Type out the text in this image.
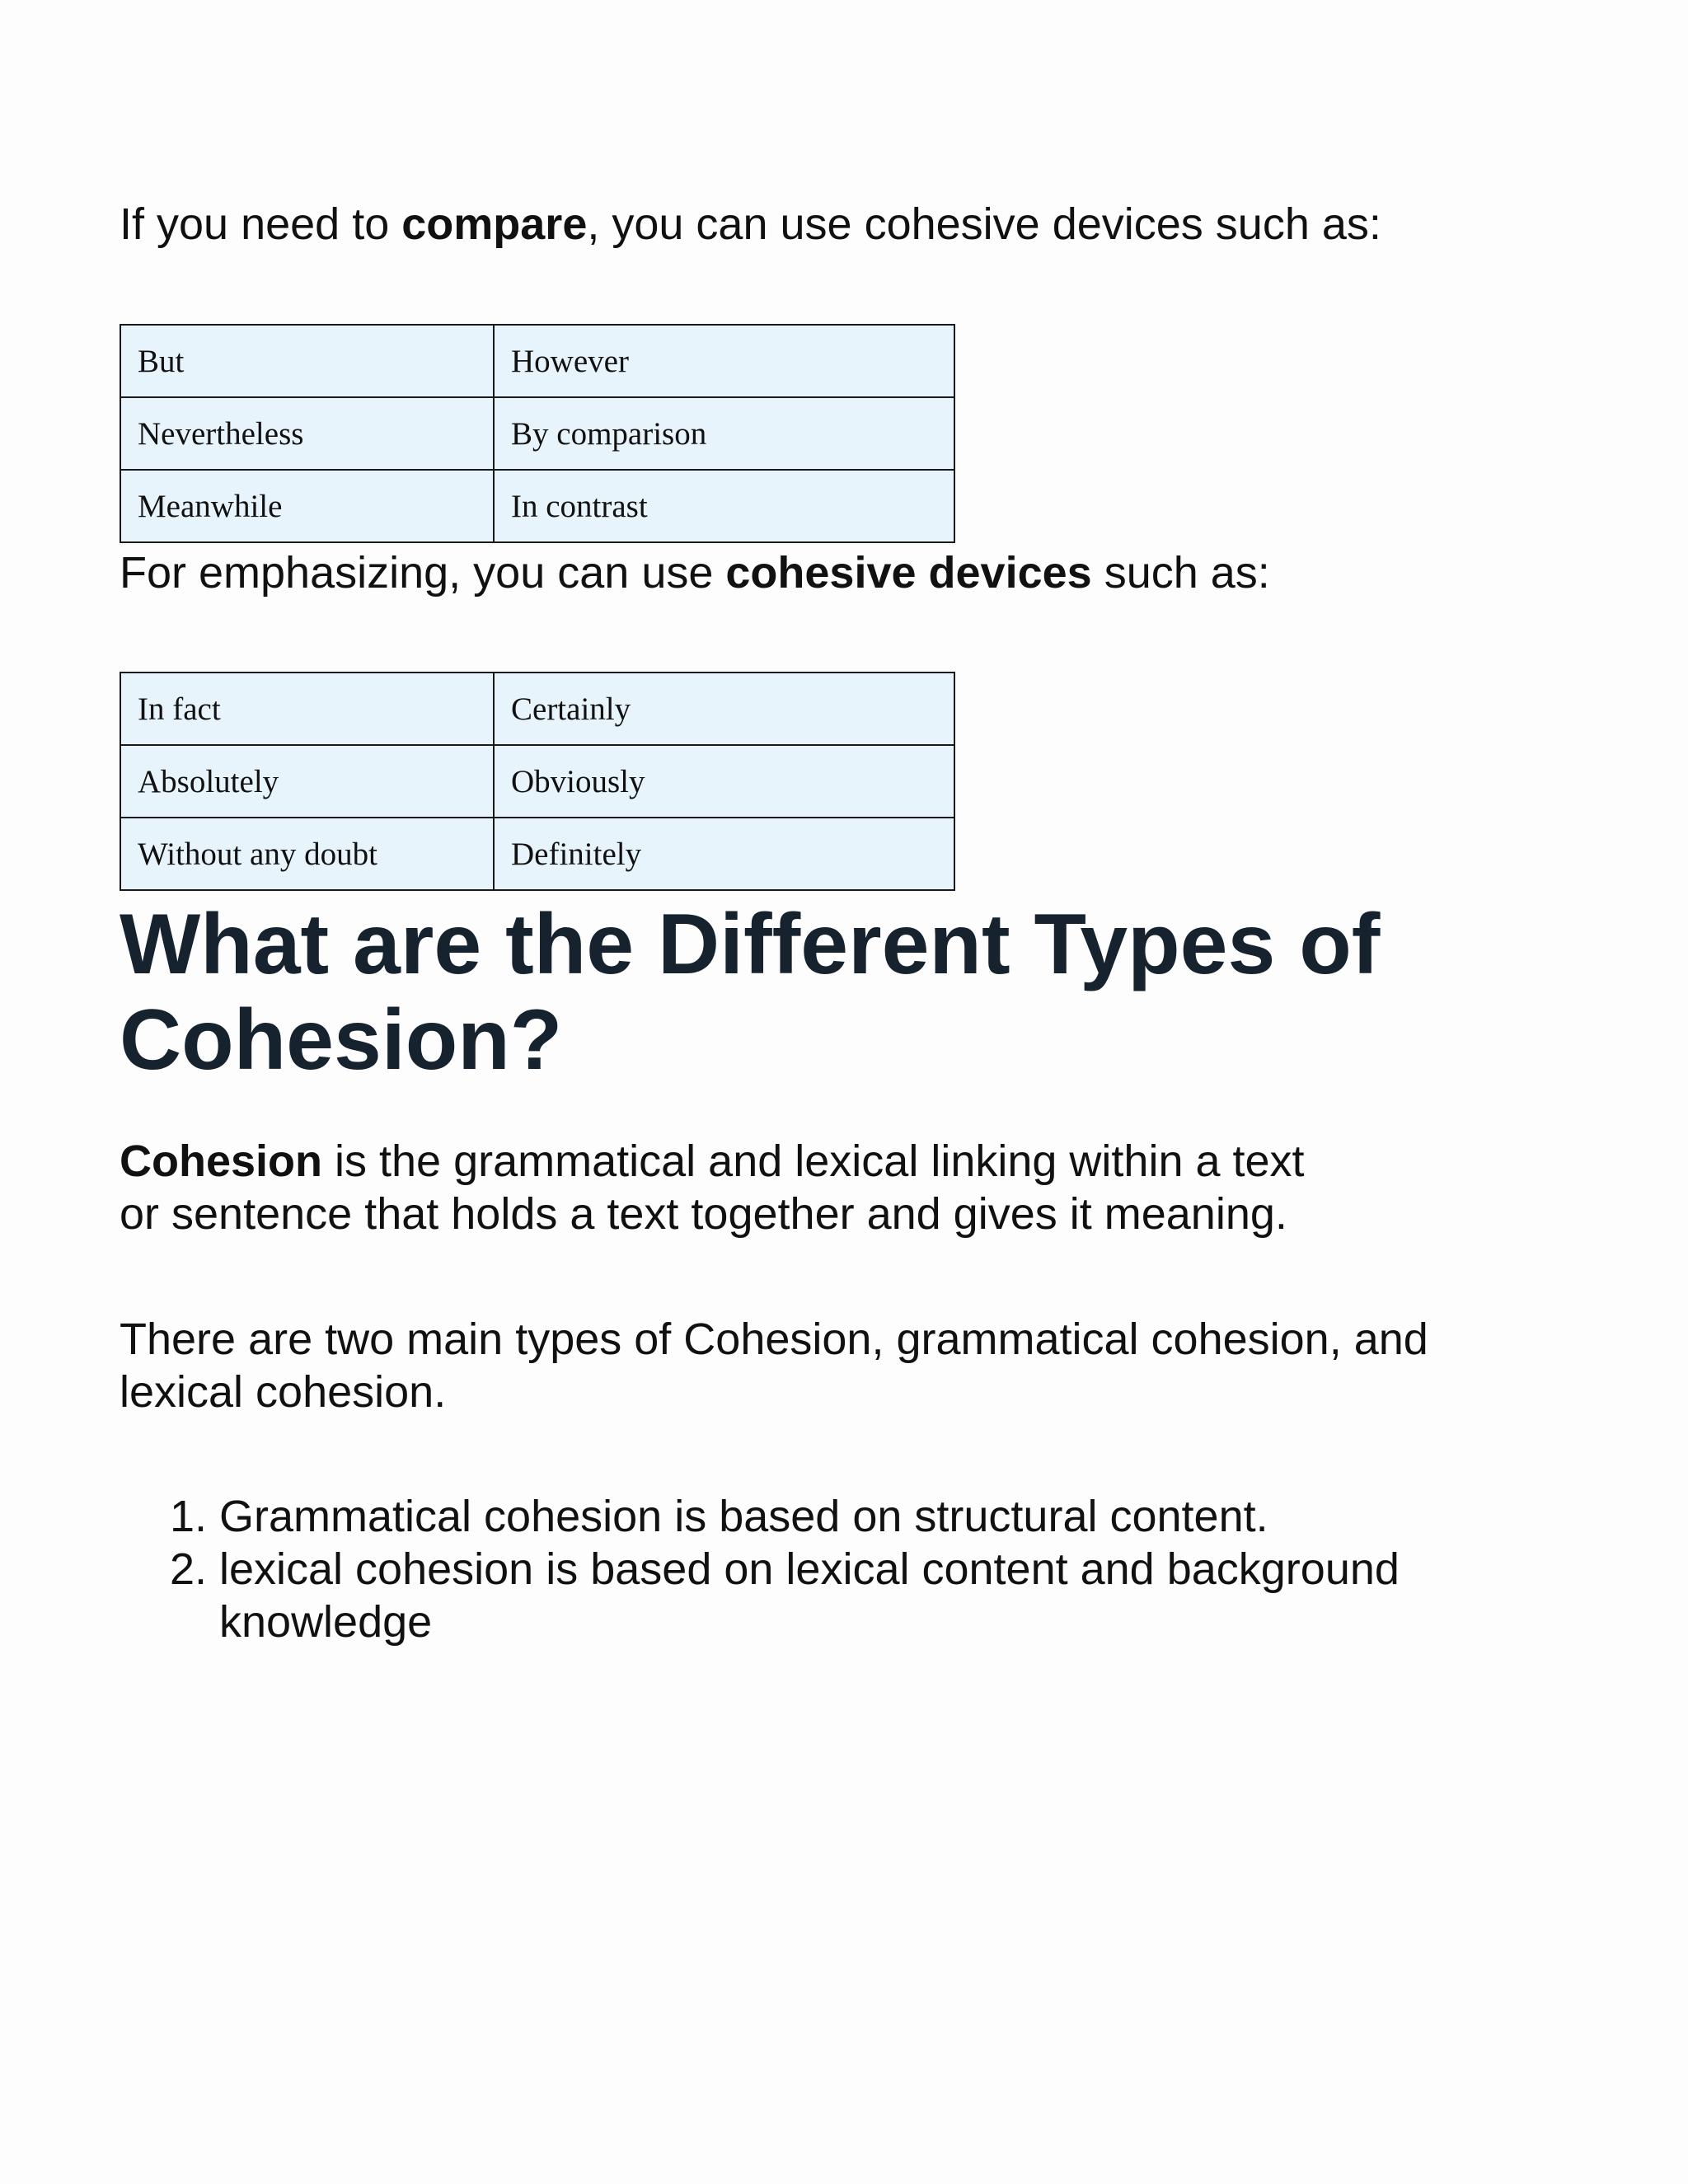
If you need to compare, you can use cohesive devices such as:

But	However
Nevertheless	By comparison
Meanwhile	In contrast

For emphasizing, you can use cohesive devices such as:

In fact	Certainly
Absolutely	Obviously
Without any doubt	Definitely
What are the Different Types of
Cohesion?

Cohesion is the grammatical and lexical linking within a text
or sentence that holds a text together and gives it meaning.

There are two main types of Cohesion, grammatical cohesion, and
lexical cohesion.

1. Grammatical cohesion is based on structural content.
2. lexical cohesion is based on lexical content and background knowledge
